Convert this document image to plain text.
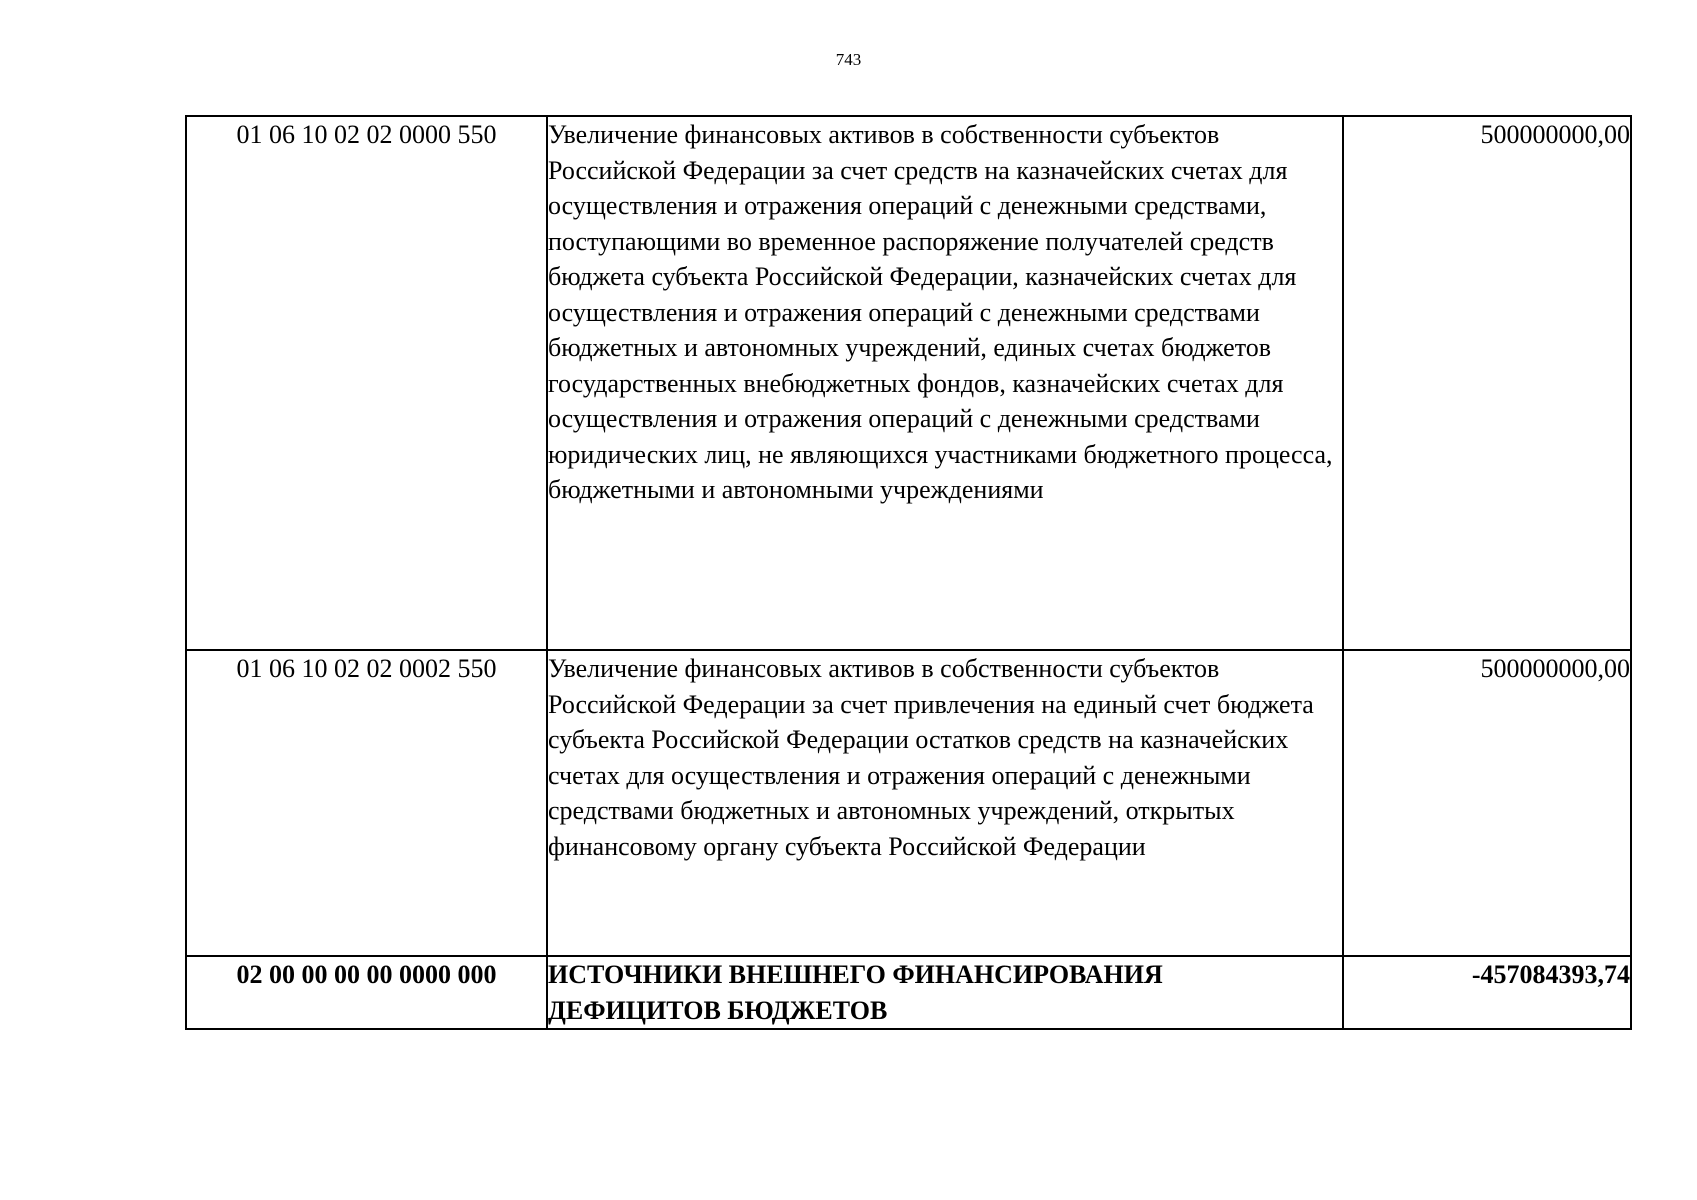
743
01 06 10 02 02 0000 550	Увеличение финансовых активов в собственности субъектов Российской Федерации за счет средств на казначейских счетах для осуществления и отражения операций с денежными средствами, поступающими во временное распоряжение получателей средств бюджета субъекта Российской Федерации, казначейских счетах для осуществления и отражения операций с денежными средствами бюджетных и автономных учреждений, единых счетах бюджетов государственных внебюджетных фондов, казначейских счетах для осуществления и отражения операций с денежными средствами юридических лиц, не являющихся участниками бюджетного процесса, бюджетными и автономными учреждениями	500000000,00
01 06 10 02 02 0002 550	Увеличение финансовых активов в собственности субъектов Российской Федерации за счет привлечения на единый счет бюджета субъекта Российской Федерации остатков средств на казначейских счетах для осуществления и отражения операций с денежными средствами бюджетных и автономных учреждений, открытых финансовому органу субъекта Российской Федерации	500000000,00
02 00 00 00 00 0000 000	ИСТОЧНИКИ ВНЕШНЕГО ФИНАНСИРОВАНИЯ ДЕФИЦИТОВ БЮДЖЕТОВ	-457084393,74
